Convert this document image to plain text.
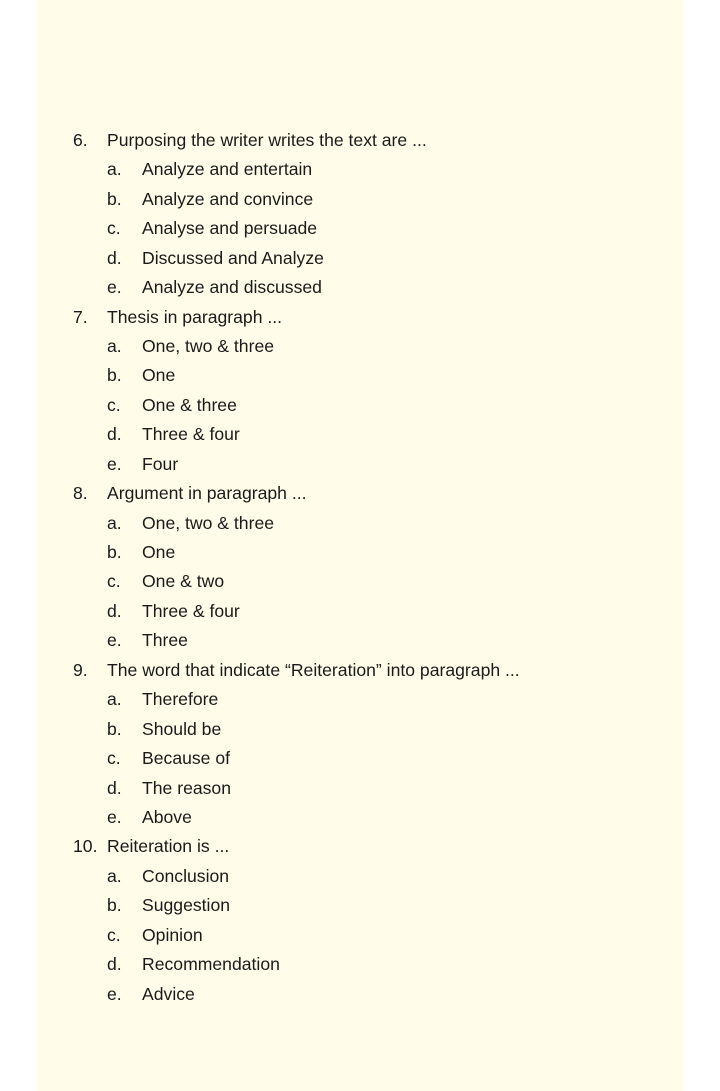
6.	Purposing the writer writes the text are ...
a.	Analyze and entertain
b.	Analyze and convince
c.	Analyse and persuade
d.	Discussed and Analyze
e.	Analyze and discussed
7.	Thesis in paragraph ...
a.	One, two & three
b.	One
c.	One & three
d.	Three & four
e.	Four
8.	Argument in paragraph ...
a.	One, two & three
b.	One
c.	One & two
d.	Three & four
e.	Three
9.	The word that indicate “Reiteration” into paragraph ...
a.	Therefore
b.	Should be
c.	Because of
d.	The reason
e.	Above
10. Reiteration is ...
a.	Conclusion
b.	Suggestion
c.	Opinion
d.	Recommendation
e.	Advice
